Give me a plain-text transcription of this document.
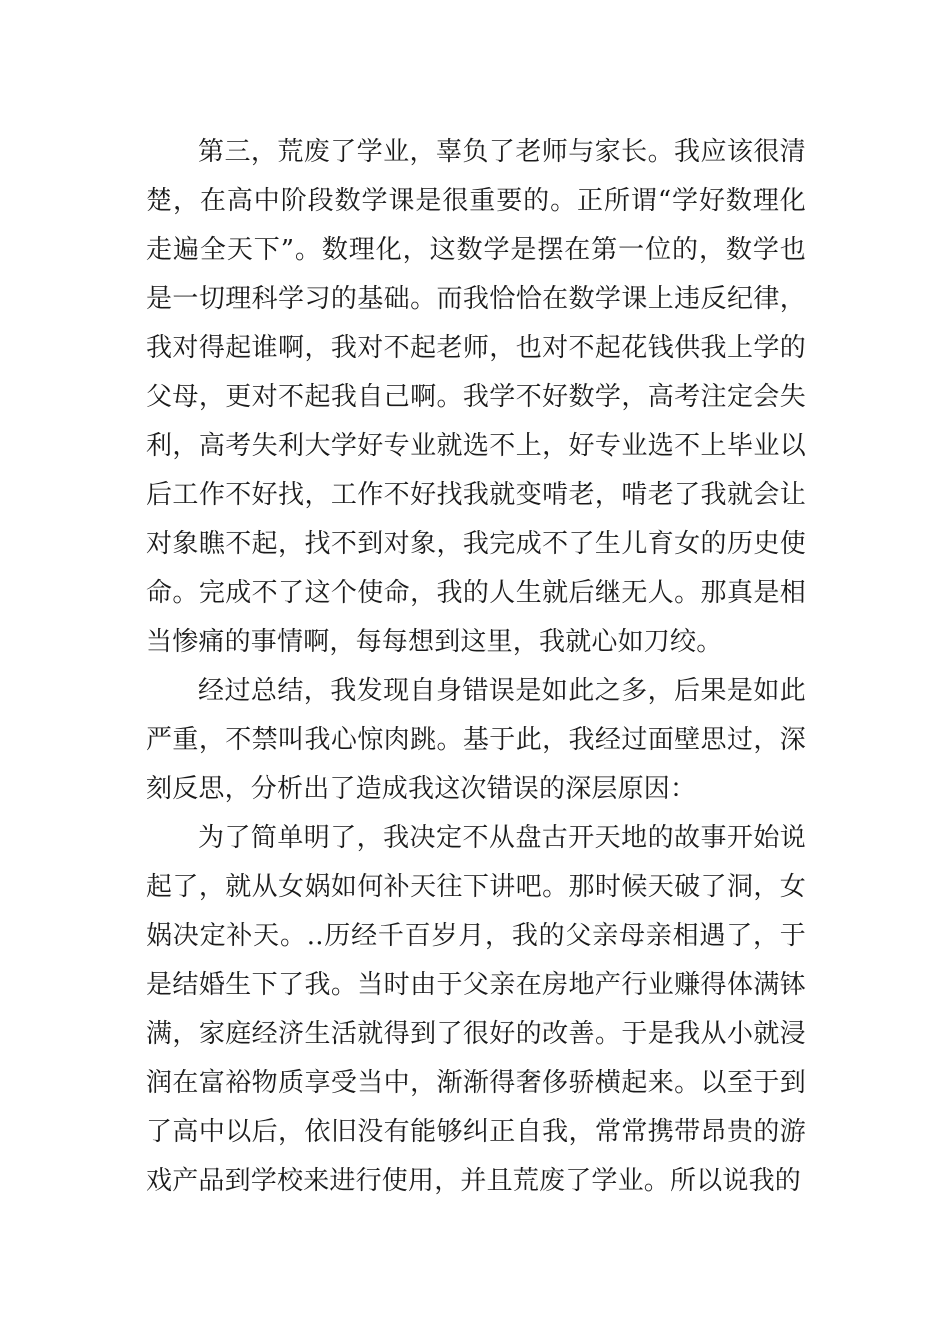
第三，荒废了学业，辜负了老师与家长。我应该很清楚，在高中阶段数学课是很重要的。正所谓“学好数理化走遍全天下”。数理化，这数学是摆在第一位的，数学也是一切理科学习的基础。而我恰恰在数学课上违反纪律，我对得起谁啊，我对不起老师，也对不起花钱供我上学的父母，更对不起我自己啊。我学不好数学，高考注定会失利，高考失利大学好专业就选不上，好专业选不上毕业以后工作不好找，工作不好找我就变啃老，啃老了我就会让对象瞧不起，找不到对象，我完成不了生儿育女的历史使命。完成不了这个使命，我的人生就后继无人。那真是相当惨痛的事情啊，每每想到这里，我就心如刀绞。

经过总结，我发现自身错误是如此之多，后果是如此严重，不禁叫我心惊肉跳。基于此，我经过面壁思过，深刻反思，分析出了造成我这次错误的深层原因：

为了简单明了，我决定不从盘古开天地的故事开始说起了，就从女娲如何补天往下讲吧。那时候天破了洞，女娲决定补天。..历经千百岁月，我的父亲母亲相遇了，于是结婚生下了我。当时由于父亲在房地产行业赚得体满钵满，家庭经济生活就得到了很好的改善。于是我从小就浸润在富裕物质享受当中，渐渐得奢侈骄横起来。以至于到了高中以后，依旧没有能够纠正自我，常常携带昂贵的游戏产品到学校来进行使用，并且荒废了学业。所以说我的
